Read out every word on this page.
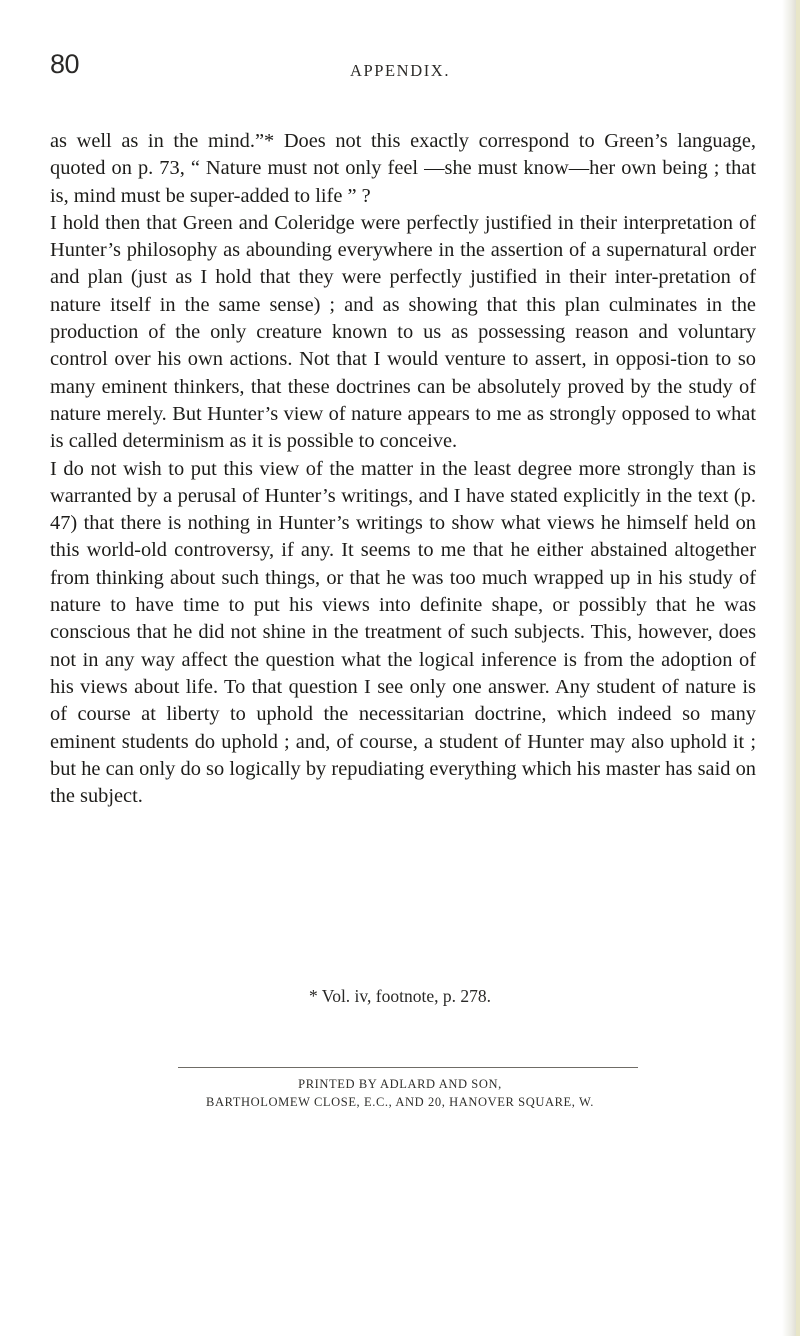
80	APPENDIX.

as well as in the mind.”* Does not this exactly correspond to Green’s language, quoted on p. 73, “ Nature must not only feel —she must know—her own being ; that is, mind must be super-added to life ” ?

I hold then that Green and Coleridge were perfectly justified in their interpretation of Hunter’s philosophy as abounding everywhere in the assertion of a supernatural order and plan (just as I hold that they were perfectly justified in their inter-pretation of nature itself in the same sense) ; and as showing that this plan culminates in the production of the only creature known to us as possessing reason and voluntary control over his own actions. Not that I would venture to assert, in opposi-tion to so many eminent thinkers, that these doctrines can be absolutely proved by the study of nature merely. But Hunter’s view of nature appears to me as strongly opposed to what is called determinism as it is possible to conceive.

I do not wish to put this view of the matter in the least degree more strongly than is warranted by a perusal of Hunter’s writings, and I have stated explicitly in the text (p. 47) that there is nothing in Hunter’s writings to show what views he himself held on this world-old controversy, if any. It seems to me that he either abstained altogether from thinking about such things, or that he was too much wrapped up in his study of nature to have time to put his views into definite shape, or possibly that he was conscious that he did not shine in the treatment of such subjects. This, however, does not in any way affect the question what the logical inference is from the adoption of his views about life. To that question I see only one answer. Any student of nature is of course at liberty to uphold the necessitarian doctrine, which indeed so many eminent students do uphold ; and, of course, a student of Hunter may also uphold it ; but he can only do so logically by repudiating everything which his master has said on the subject.

* Vol. iv, footnote, p. 278.
PRINTED BY ADLARD AND SON,
BARTHOLOMEW CLOSE, E.C., AND 20, HANOVER SQUARE, W.
